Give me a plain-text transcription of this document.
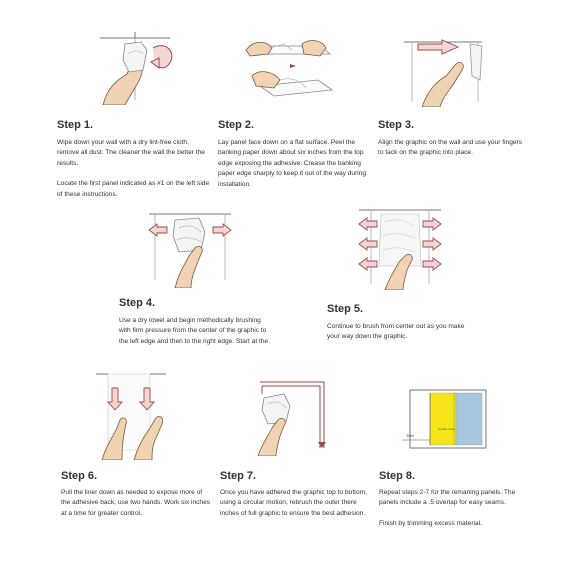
Step 1.

Wipe down your wall with a dry lint-free cloth, remove all dust. The cleaner the wall the better the results.

Locate the first panel indicated as #1 on the left side of these instructions.

Step 2.

Lay panel face down on a flat surface. Peel the banking paper down about six inches from the top edge exposing the adhesive. Crease the banking paper edge sharply to keep it out of the way during installation.

Step 3.

Align the graphic on the wall and use your fingers to tack on the graphic into place.

Step 4.

Use a dry towel and begin methodically brushing with firm pressure from the center of the graphic to the left edge and then to the right edge. Start at the

Step 5.

Continue to brush from center out as you make your way down the graphic.

Trim
Overlap Guide
Step 6.

Pull the liner down as needed to expose more of the adhesive back, use two hands. Work six inches at a time for greater control.

Step 7.

Once you have adhered the graphic top to bottom, using a circular motion, rebrush the outer there inches of full graphic to ensure the best adhesion.

Step 8.

Repeat steps 2-7 for the remaning panels. The panels include a .5 overlap for easy seams.

Finish by trimming excess material.
